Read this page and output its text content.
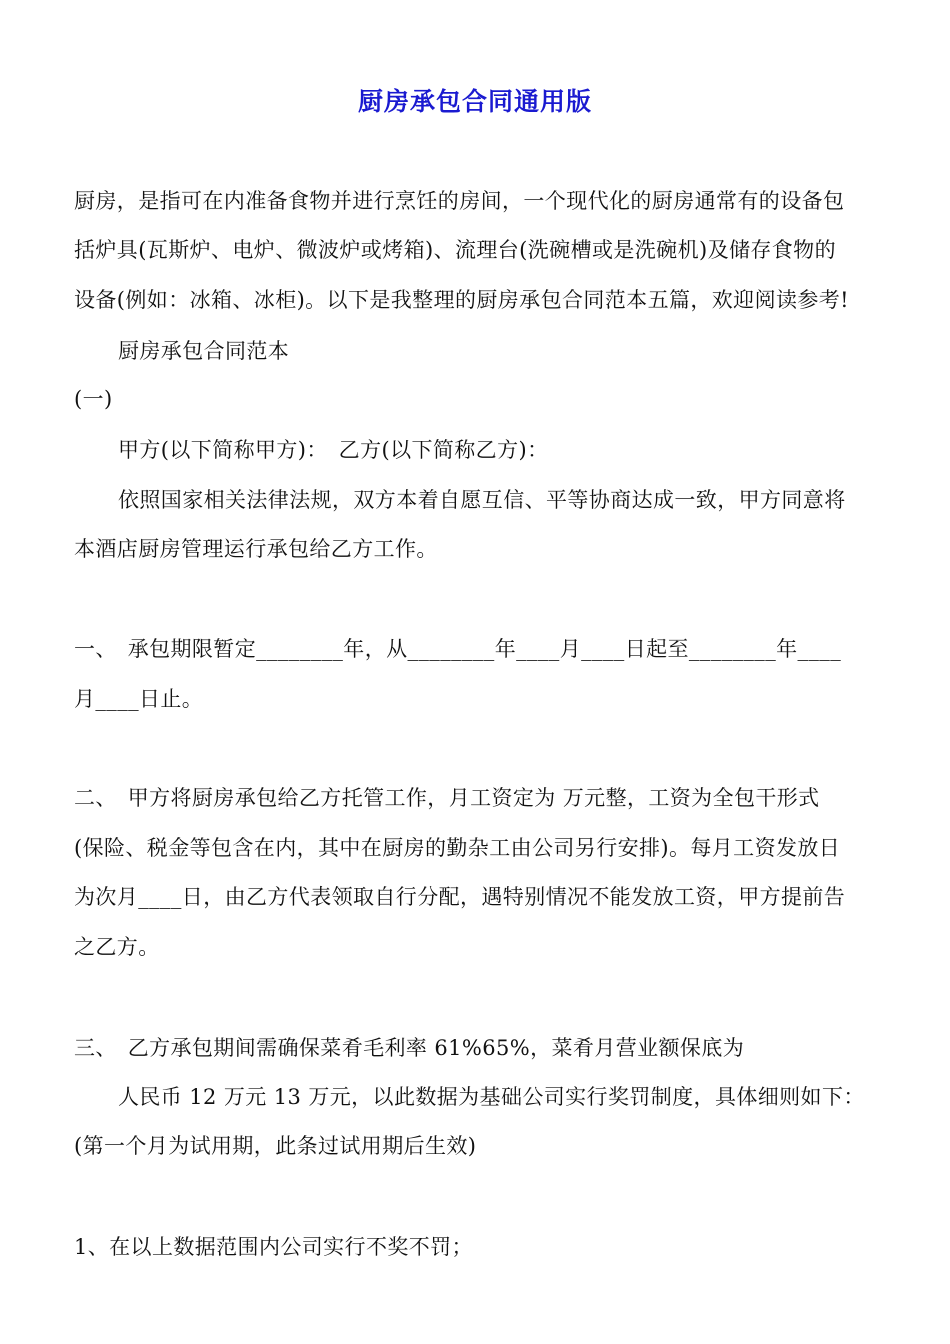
厨房承包合同通用版
厨房，是指可在内准备食物并进行烹饪的房间，一个现代化的厨房通常有的设备包
括炉具(瓦斯炉、电炉、微波炉或烤箱)、流理台(洗碗槽或是洗碗机)及储存食物的
设备(例如：冰箱、冰柜)。以下是我整理的厨房承包合同范本五篇，欢迎阅读参考!
厨房承包合同范本
(一)
甲方(以下简称甲方)：　乙方(以下简称乙方)：
依照国家相关法律法规，双方本着自愿互信、平等协商达成一致，甲方同意将
本酒店厨房管理运行承包给乙方工作。
一、　承包期限暂定________年，从________年____月____日起至________年____
月____日止。
二、　甲方将厨房承包给乙方托管工作，月工资定为 万元整，工资为全包干形式
(保险、税金等包含在内，其中在厨房的勤杂工由公司另行安排)。每月工资发放日
为次月____日，由乙方代表领取自行分配，遇特别情况不能发放工资，甲方提前告
之乙方。
三、　乙方承包期间需确保菜肴毛利率 61%65%，菜肴月营业额保底为
人民币 12 万元 13 万元，以此数据为基础公司实行奖罚制度，具体细则如下：
(第一个月为试用期，此条过试用期后生效)
1、在以上数据范围内公司实行不奖不罚；
